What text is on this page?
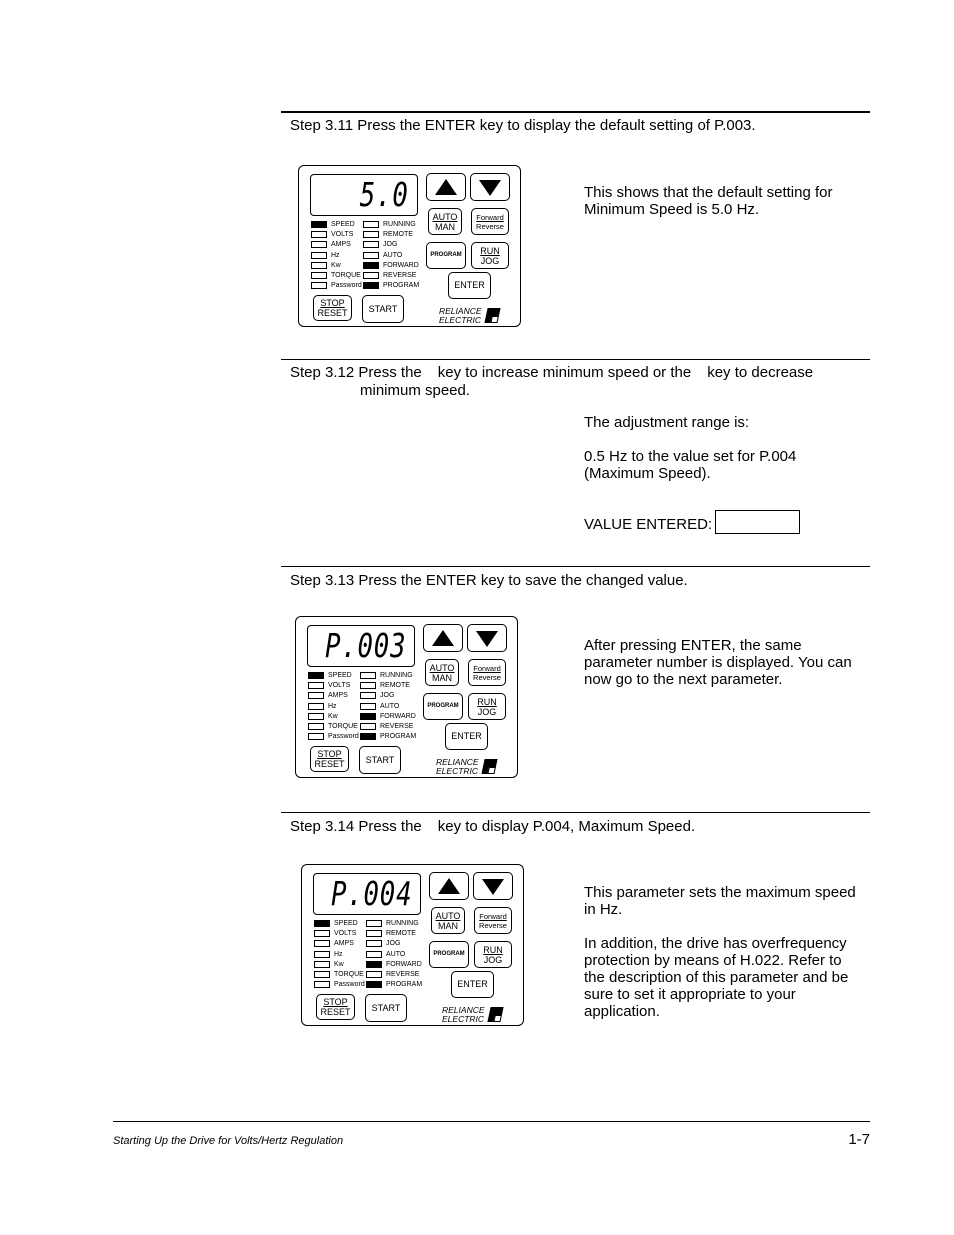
Step 3.11 Press the ENTER key to display the default setting of P.003.
5.0
SPEED
VOLTS
AMPS
Hz
Kw
TORQUE
Password
RUNNING
REMOTE
JOG
AUTO
FORWARD
REVERSE
PROGRAM
AUTO
MAN
Forward
Reverse
PROGRAM	RUN
JOG
ENTER
STOP
RESET	START	RELIANCE
ELECTRIC

This shows that the default setting for Minimum Speed is 5.0 Hz.

Step 3.12 Press the key to increase minimum speed or the key to decrease
minimum speed.

The adjustment range is:

0.5 Hz to the value set for P.004 (Maximum Speed).

VALUE ENTERED:
Step 3.13 Press the ENTER key to save the changed value.
P.003
SPEED
VOLTS
AMPS
Hz
Kw
TORQUE
Password
RUNNING
REMOTE
JOG
AUTO
FORWARD
REVERSE
PROGRAM
AUTO
MAN
Forward
Reverse
PROGRAM	RUN
JOG
ENTER
STOP
RESET	START	RELIANCE
ELECTRIC

After pressing ENTER, the same parameter number is displayed. You can now go to the next parameter.

Step 3.14 Press the key to display P.004, Maximum Speed.
P.004
SPEED
VOLTS
AMPS
Hz
Kw
TORQUE
Password
RUNNING
REMOTE
JOG
AUTO
FORWARD
REVERSE
PROGRAM
AUTO
MAN
Forward
Reverse
PROGRAM	RUN
JOG
ENTER
STOP
RESET	START	RELIANCE
ELECTRIC

This parameter sets the maximum speed in Hz.

In addition, the drive has overfrequency protection by means of H.022. Refer to the description of this parameter and be sure to set it appropriate to your application.

Starting Up the Drive for Volts/Hertz Regulation	1-7
